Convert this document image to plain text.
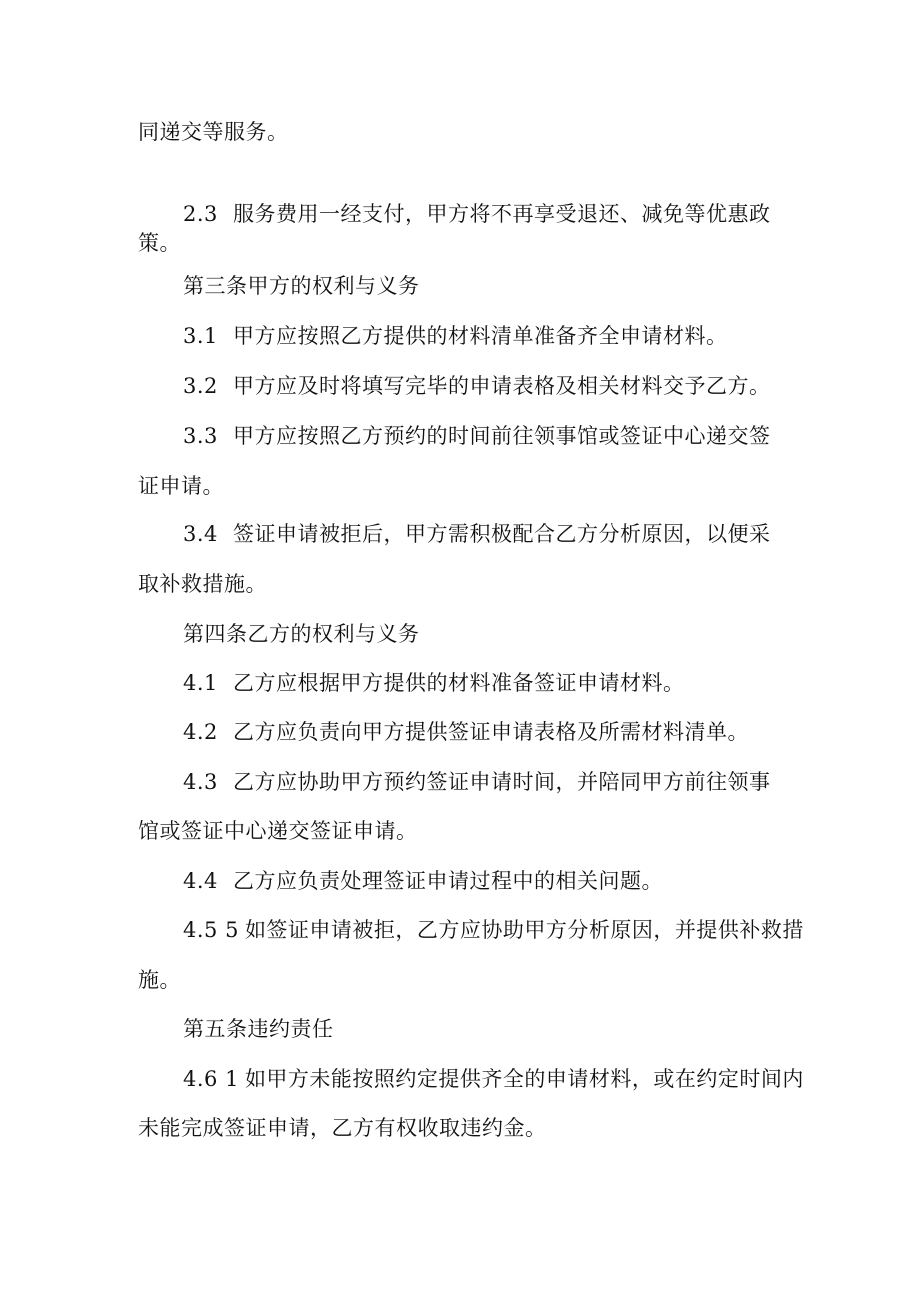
同递交等服务。
2.3 服务费用一经支付，甲方将不再享受退还、减免等优惠政
策。
第三条甲方的权利与义务
3.1 甲方应按照乙方提供的材料清单准备齐全申请材料。
3.2 甲方应及时将填写完毕的申请表格及相关材料交予乙方。
3.3 甲方应按照乙方预约的时间前往领事馆或签证中心递交签
证申请。
3.4 签证申请被拒后，甲方需积极配合乙方分析原因，以便采
取补救措施。
第四条乙方的权利与义务
4.1 乙方应根据甲方提供的材料准备签证申请材料。
4.2 乙方应负责向甲方提供签证申请表格及所需材料清单。
4.3 乙方应协助甲方预约签证申请时间，并陪同甲方前往领事
馆或签证中心递交签证申请。
4.4 乙方应负责处理签证申请过程中的相关问题。
4.5 5 如签证申请被拒，乙方应协助甲方分析原因，并提供补救措
施。
第五条违约责任
4.6 1 如甲方未能按照约定提供齐全的申请材料，或在约定时间内
未能完成签证申请，乙方有权收取违约金。
